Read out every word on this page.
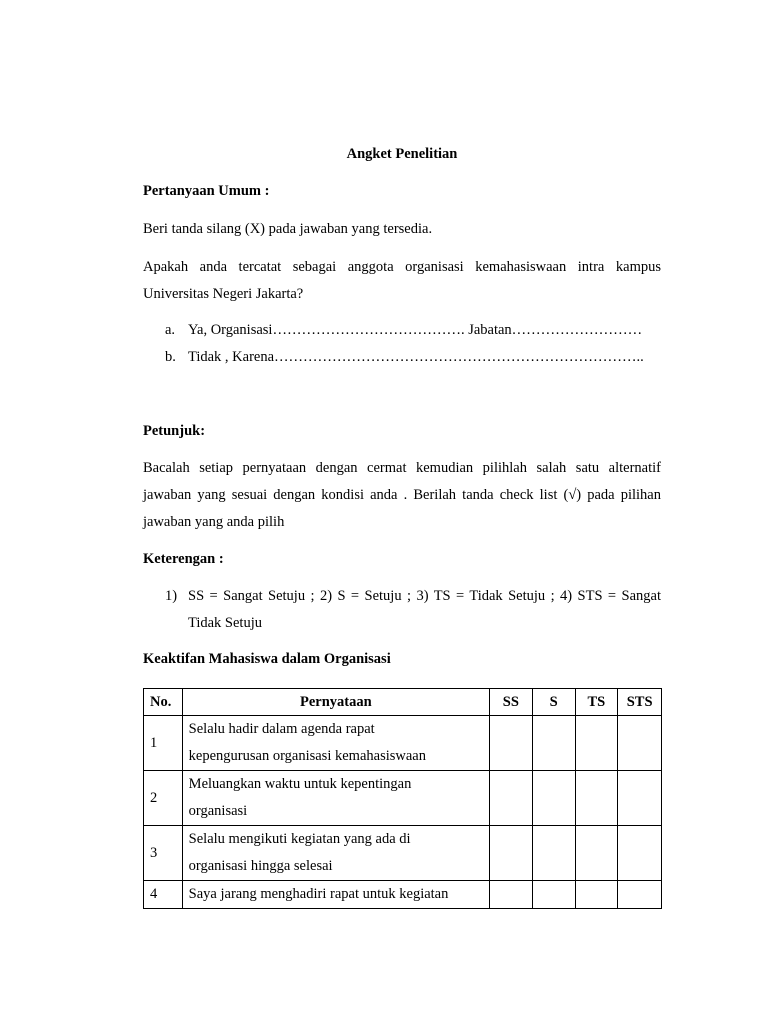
Angket Penelitian
Pertanyaan Umum :
Beri tanda silang (X) pada jawaban yang tersedia.
Apakah anda tercatat sebagai anggota organisasi kemahasiswaan intra kampus
Universitas Negeri Jakarta?
a. Ya, Organisasi…………………………………. Jabatan………………………
b. Tidak , Karena…………………………………………………………………..
Petunjuk:
Bacalah setiap pernyataan dengan cermat kemudian pilihlah salah satu alternatif
jawaban yang sesuai dengan kondisi anda . Berilah tanda check list (√) pada pilihan
jawaban yang anda pilih
Keterengan :
1) SS = Sangat Setuju ; 2) S = Setuju ; 3) TS = Tidak Setuju ; 4) STS = Sangat
Tidak Setuju
Keaktifan Mahasiswa dalam Organisasi
No.	Pernyataan	SS	S	TS	STS
1	Selalu hadir dalam agenda rapat
kepengurusan organisasi kemahasiswaan				

2	Meluangkan waktu untuk kepentingan
organisasi				

3	Selalu mengikuti kegiatan yang ada di
organisasi hingga selesai				

4	Saya jarang menghadiri rapat untuk kegiatan				
